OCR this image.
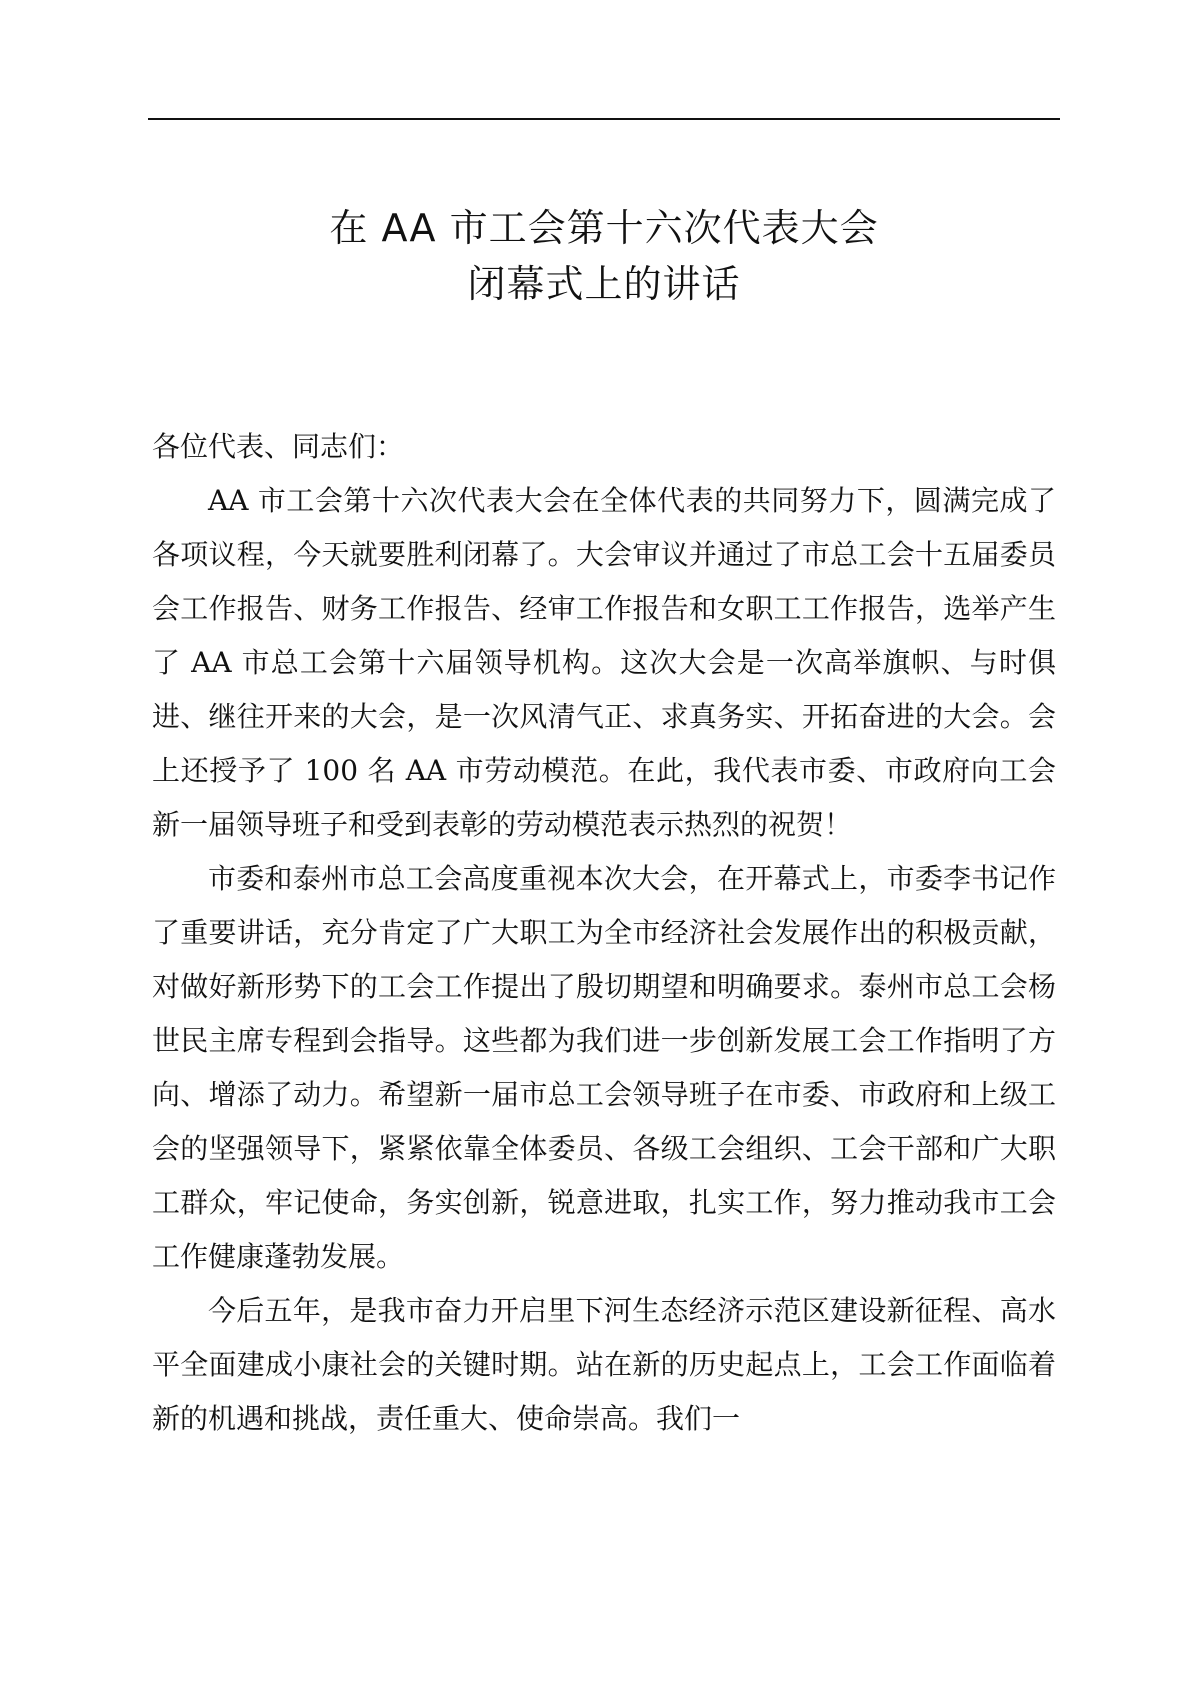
在 AA 市工会第十六次代表大会
闭幕式上的讲话

各位代表、同志们：

AA 市工会第十六次代表大会在全体代表的共同努力下，圆满完成了各项议程，今天就要胜利闭幕了。大会审议并通过了市总工会十五届委员会工作报告、财务工作报告、经审工作报告和女职工工作报告，选举产生了 AA 市总工会第十六届领导机构。这次大会是一次高举旗帜、与时俱进、继往开来的大会，是一次风清气正、求真务实、开拓奋进的大会。会上还授予了 100 名 AA 市劳动模范。在此，我代表市委、市政府向工会新一届领导班子和受到表彰的劳动模范表示热烈的祝贺！

市委和泰州市总工会高度重视本次大会，在开幕式上，市委李书记作了重要讲话，充分肯定了广大职工为全市经济社会发展作出的积极贡献，对做好新形势下的工会工作提出了殷切期望和明确要求。泰州市总工会杨世民主席专程到会指导。这些都为我们进一步创新发展工会工作指明了方向、增添了动力。希望新一届市总工会领导班子在市委、市政府和上级工会的坚强领导下，紧紧依靠全体委员、各级工会组织、工会干部和广大职工群众，牢记使命，务实创新，锐意进取，扎实工作，努力推动我市工会工作健康蓬勃发展。

今后五年，是我市奋力开启里下河生态经济示范区建设新征程、高水平全面建成小康社会的关键时期。站在新的历史起点上，工会工作面临着新的机遇和挑战，责任重大、使命崇高。我们一
